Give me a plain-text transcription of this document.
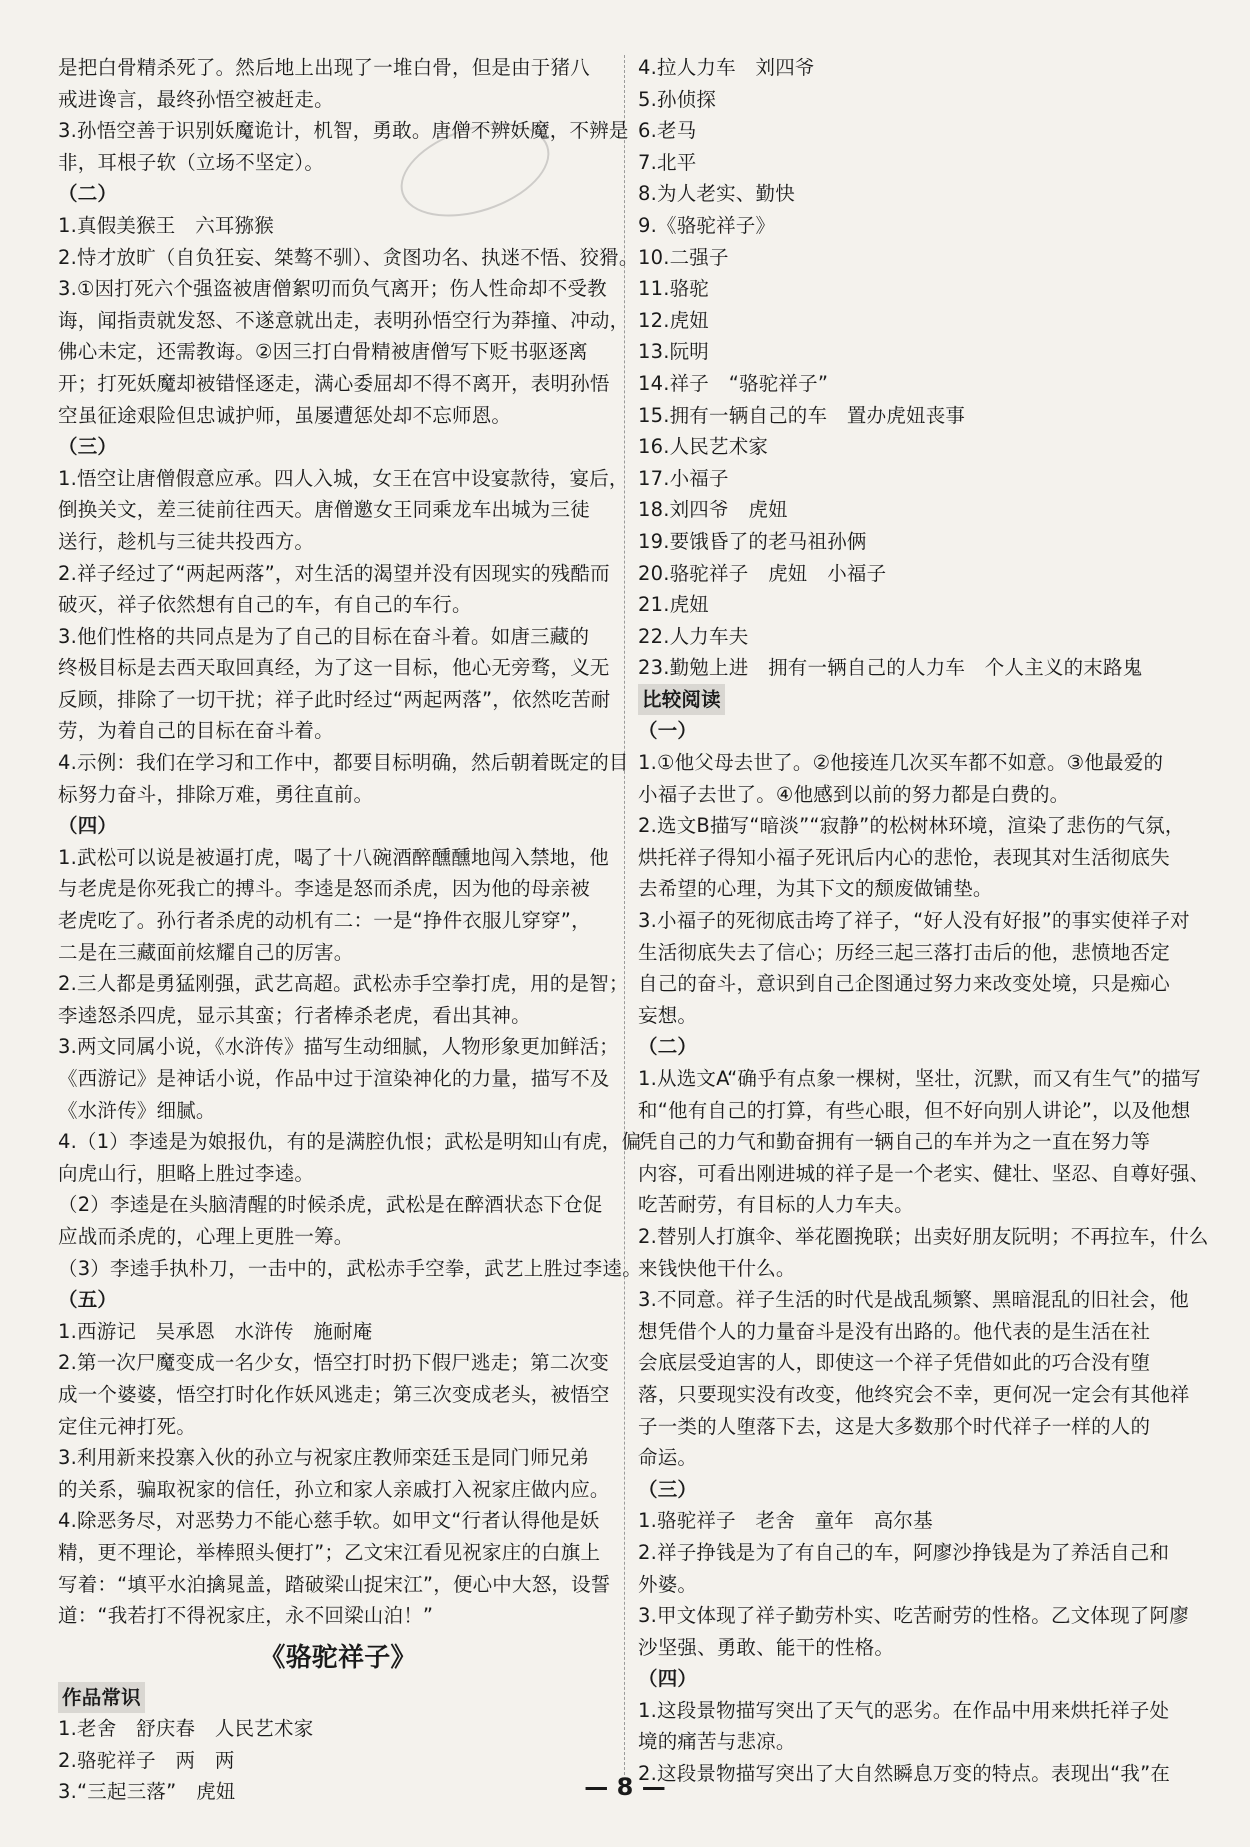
是把白骨精杀死了。然后地上出现了一堆白骨，但是由于猪八
戒进谗言，最终孙悟空被赶走。
3.孙悟空善于识别妖魔诡计，机智，勇敢。唐僧不辨妖魔，不辨是
非，耳根子软（立场不坚定）。
（二）
1.真假美猴王　六耳猕猴
2.恃才放旷（自负狂妄、桀骜不驯）、贪图功名、执迷不悟、狡猾。
3.①因打死六个强盗被唐僧絮叨而负气离开；伤人性命却不受教
诲，闻指责就发怒、不遂意就出走，表明孙悟空行为莽撞、冲动，
佛心未定，还需教诲。②因三打白骨精被唐僧写下贬书驱逐离
开；打死妖魔却被错怪逐走，满心委屈却不得不离开，表明孙悟
空虽征途艰险但忠诚护师，虽屡遭惩处却不忘师恩。
（三）
1.悟空让唐僧假意应承。四人入城，女王在宫中设宴款待，宴后，
倒换关文，差三徒前往西天。唐僧邀女王同乘龙车出城为三徒
送行，趁机与三徒共投西方。
2.祥子经过了“两起两落”，对生活的渴望并没有因现实的残酷而
破灭，祥子依然想有自己的车，有自己的车行。
3.他们性格的共同点是为了自己的目标在奋斗着。如唐三藏的
终极目标是去西天取回真经，为了这一目标，他心无旁骛，义无
反顾，排除了一切干扰；祥子此时经过“两起两落”，依然吃苦耐
劳，为着自己的目标在奋斗着。
4.示例：我们在学习和工作中，都要目标明确，然后朝着既定的目
标努力奋斗，排除万难，勇往直前。
（四）
1.武松可以说是被逼打虎，喝了十八碗酒醉醺醺地闯入禁地，他
与老虎是你死我亡的搏斗。李逵是怒而杀虎，因为他的母亲被
老虎吃了。孙行者杀虎的动机有二：一是“挣件衣服儿穿穿”，
二是在三藏面前炫耀自己的厉害。
2.三人都是勇猛刚强，武艺高超。武松赤手空拳打虎，用的是智；
李逵怒杀四虎，显示其蛮；行者棒杀老虎，看出其神。
3.两文同属小说，《水浒传》描写生动细腻，人物形象更加鲜活；
《西游记》是神话小说，作品中过于渲染神化的力量，描写不及
《水浒传》细腻。
4.（1）李逵是为娘报仇，有的是满腔仇恨；武松是明知山有虎，偏
向虎山行，胆略上胜过李逵。
（2）李逵是在头脑清醒的时候杀虎，武松是在醉酒状态下仓促
应战而杀虎的，心理上更胜一筹。
（3）李逵手执朴刀，一击中的，武松赤手空拳，武艺上胜过李逵。
（五）
1.西游记　吴承恩　水浒传　施耐庵
2.第一次尸魔变成一名少女，悟空打时扔下假尸逃走；第二次变
成一个婆婆，悟空打时化作妖风逃走；第三次变成老头，被悟空
定住元神打死。
3.利用新来投寨入伙的孙立与祝家庄教师栾廷玉是同门师兄弟
的关系，骗取祝家的信任，孙立和家人亲戚打入祝家庄做内应。
4.除恶务尽，对恶势力不能心慈手软。如甲文“行者认得他是妖
精，更不理论，举棒照头便打”；乙文宋江看见祝家庄的白旗上
写着：“填平水泊擒晁盖，踏破梁山捉宋江”，便心中大怒，设誓
道：“我若打不得祝家庄，永不回梁山泊！”
《骆驼祥子》
作品常识
1.老舍　舒庆春　人民艺术家
2.骆驼祥子　两　两
3.“三起三落”　虎妞
4.拉人力车　刘四爷
5.孙侦探
6.老马
7.北平
8.为人老实、勤快
9.《骆驼祥子》
10.二强子
11.骆驼
12.虎妞
13.阮明
14.祥子　“骆驼祥子”
15.拥有一辆自己的车　置办虎妞丧事
16.人民艺术家
17.小福子
18.刘四爷　虎妞
19.要饿昏了的老马祖孙俩
20.骆驼祥子　虎妞　小福子
21.虎妞
22.人力车夫
23.勤勉上进　拥有一辆自己的人力车　个人主义的末路鬼
比较阅读
（一）
1.①他父母去世了。②他接连几次买车都不如意。③他最爱的
小福子去世了。④他感到以前的努力都是白费的。
2.选文B描写“暗淡”“寂静”的松树林环境，渲染了悲伤的气氛，
烘托祥子得知小福子死讯后内心的悲怆，表现其对生活彻底失
去希望的心理，为其下文的颓废做铺垫。
3.小福子的死彻底击垮了祥子，“好人没有好报”的事实使祥子对
生活彻底失去了信心；历经三起三落打击后的他，悲愤地否定
自己的奋斗，意识到自己企图通过努力来改变处境，只是痴心
妄想。
（二）
1.从选文A“确乎有点象一棵树，坚壮，沉默，而又有生气”的描写
和“他有自己的打算，有些心眼，但不好向别人讲论”，以及他想
凭自己的力气和勤奋拥有一辆自己的车并为之一直在努力等
内容，可看出刚进城的祥子是一个老实、健壮、坚忍、自尊好强、
吃苦耐劳，有目标的人力车夫。
2.替别人打旗伞、举花圈挽联；出卖好朋友阮明；不再拉车，什么
来钱快他干什么。
3.不同意。祥子生活的时代是战乱频繁、黑暗混乱的旧社会，他
想凭借个人的力量奋斗是没有出路的。他代表的是生活在社
会底层受迫害的人，即使这一个祥子凭借如此的巧合没有堕
落，只要现实没有改变，他终究会不幸，更何况一定会有其他祥
子一类的人堕落下去，这是大多数那个时代祥子一样的人的
命运。
（三）
1.骆驼祥子　老舍　童年　高尔基
2.祥子挣钱是为了有自己的车，阿廖沙挣钱是为了养活自己和
外婆。
3.甲文体现了祥子勤劳朴实、吃苦耐劳的性格。乙文体现了阿廖
沙坚强、勇敢、能干的性格。
（四）
1.这段景物描写突出了天气的恶劣。在作品中用来烘托祥子处
境的痛苦与悲凉。
2.这段景物描写突出了大自然瞬息万变的特点。表现出“我”在
— 8 —
